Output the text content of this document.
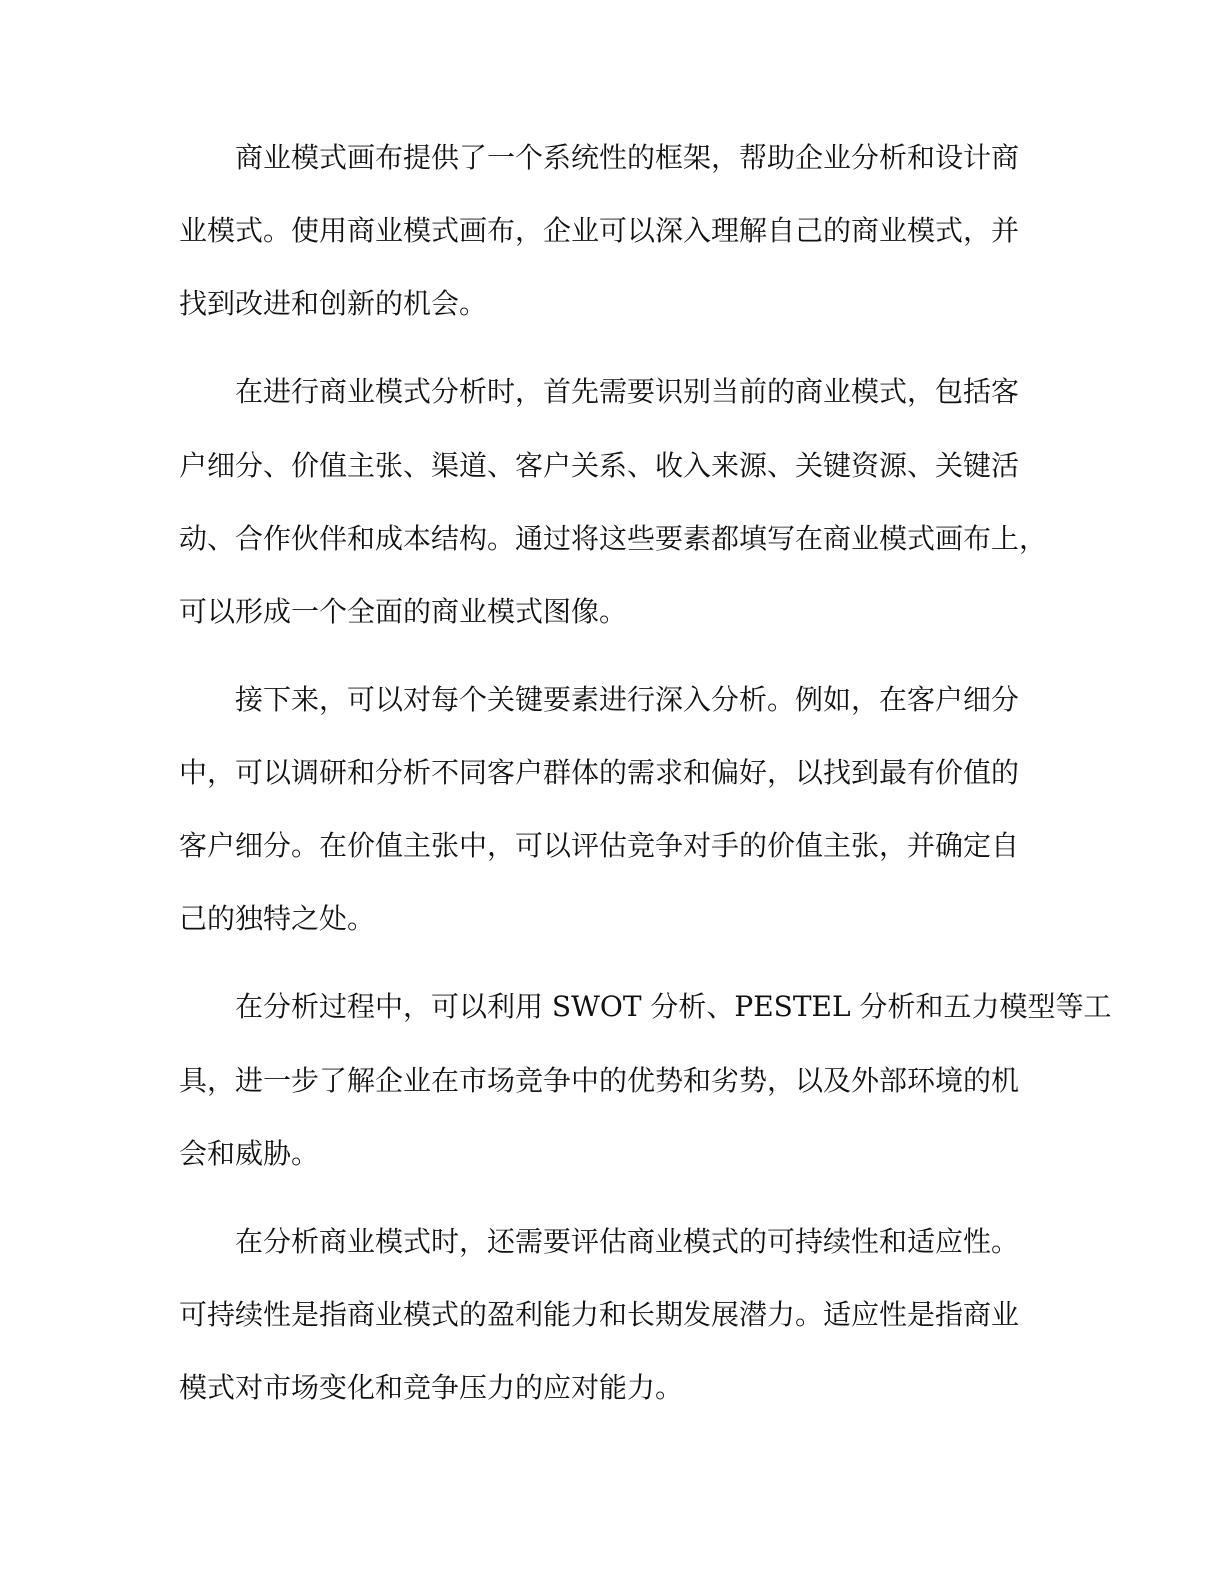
商业模式画布提供了一个系统性的框架，帮助企业分析和设计商
业模式。使用商业模式画布，企业可以深入理解自己的商业模式，并
找到改进和创新的机会。
在进行商业模式分析时，首先需要识别当前的商业模式，包括客
户细分、价值主张、渠道、客户关系、收入来源、关键资源、关键活
动、合作伙伴和成本结构。通过将这些要素都填写在商业模式画布上，
可以形成一个全面的商业模式图像。
接下来，可以对每个关键要素进行深入分析。例如，在客户细分
中，可以调研和分析不同客户群体的需求和偏好，以找到最有价值的
客户细分。在价值主张中，可以评估竞争对手的价值主张，并确定自
己的独特之处。
在分析过程中，可以利用 SWOT 分析、PESTEL 分析和五力模型等工
具，进一步了解企业在市场竞争中的优势和劣势，以及外部环境的机
会和威胁。
在分析商业模式时，还需要评估商业模式的可持续性和适应性。
可持续性是指商业模式的盈利能力和长期发展潜力。适应性是指商业
模式对市场变化和竞争压力的应对能力。
